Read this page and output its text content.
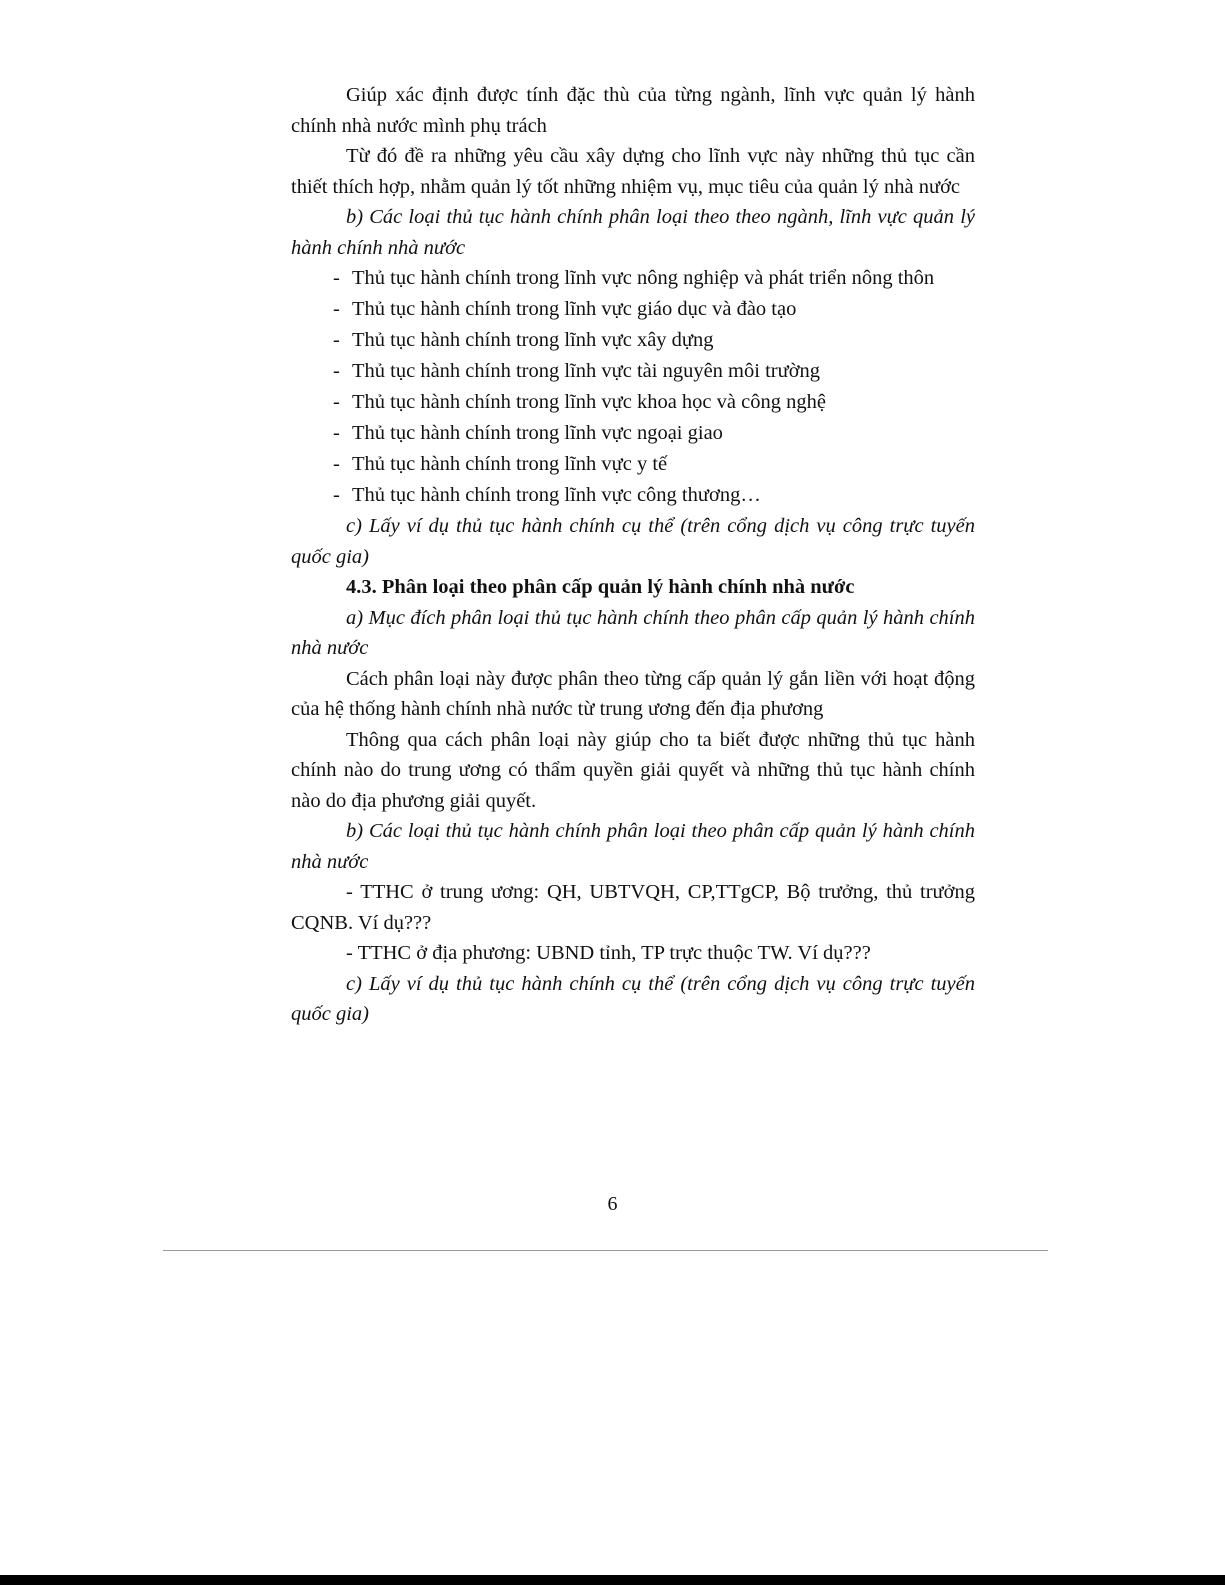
Giúp xác định được tính đặc thù của từng ngành, lĩnh vực quản lý hành chính nhà nước mình phụ trách

Từ đó đề ra những yêu cầu xây dựng cho lĩnh vực này những thủ tục cần thiết thích hợp, nhằm quản lý tốt những nhiệm vụ, mục tiêu của quản lý nhà nước

b) Các loại thủ tục hành chính phân loại theo theo ngành, lĩnh vực quản lý hành chính nhà nước

- Thủ tục hành chính trong lĩnh vực nông nghiệp và phát triển nông thôn
- Thủ tục hành chính trong lĩnh vực giáo dục và đào tạo
- Thủ tục hành chính trong lĩnh vực xây dựng
- Thủ tục hành chính trong lĩnh vực tài nguyên môi trường
- Thủ tục hành chính trong lĩnh vực khoa học và công nghệ
- Thủ tục hành chính trong lĩnh vực ngoại giao
- Thủ tục hành chính trong lĩnh vực y tế
- Thủ tục hành chính trong lĩnh vực công thương…

c) Lấy ví dụ thủ tục hành chính cụ thể (trên cổng dịch vụ công trực tuyến quốc gia)

4.3. Phân loại theo phân cấp quản lý hành chính nhà nước

a) Mục đích phân loại thủ tục hành chính theo phân cấp quản lý hành chính nhà nước

Cách phân loại này được phân theo từng cấp quản lý gắn liền với hoạt động của hệ thống hành chính nhà nước từ trung ương đến địa phương

Thông qua cách phân loại này giúp cho ta biết được những thủ tục hành chính nào do trung ương có thẩm quyền giải quyết và những thủ tục hành chính nào do địa phương giải quyết.

b) Các loại thủ tục hành chính phân loại theo phân cấp quản lý hành chính nhà nước

- TTHC ở trung ương: QH, UBTVQH, CP,TTgCP, Bộ trưởng, thủ trưởng CQNB. Ví dụ???

- TTHC ở địa phương: UBND tỉnh, TP trực thuộc TW. Ví dụ???

c) Lấy ví dụ thủ tục hành chính cụ thể (trên cổng dịch vụ công trực tuyến quốc gia)

6
